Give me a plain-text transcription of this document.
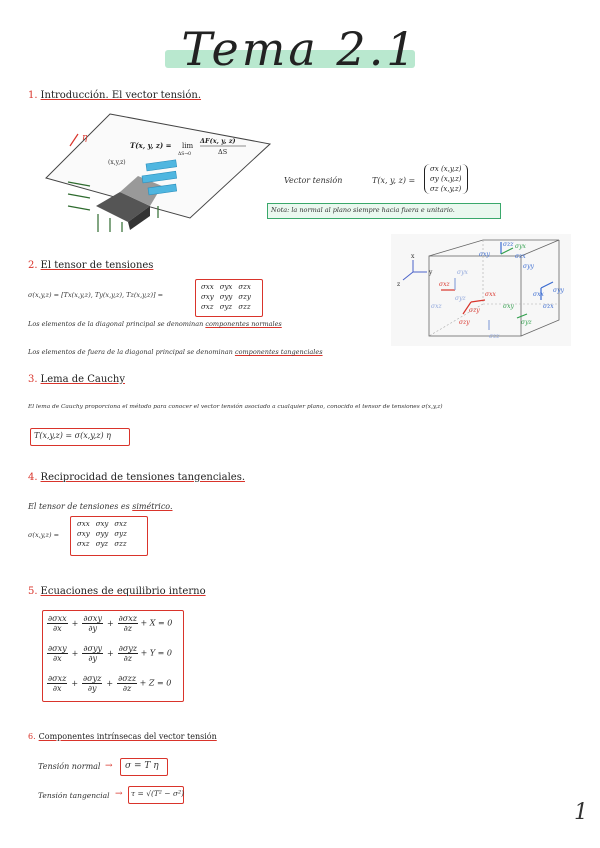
Tema 2.1
1. Introducción. El vector tensión.
η
(x,y,z)
T(x, y, z) = lim
ΔS→0
ΔF(x, y, z)
ΔS
Vector tensión	T(x, y, z) =
σx (x,y,z)
σy (x,y,z)
σz (x,y,z)
Nota: la normal al plano siempre hacia fuera e unitario.
x
y
z
σzz
σxy	σzx
σyx
σyy
σxz
σyz
σxx
σzy
σxx
σyy
σzz
σzx
σyz
σxz
σzy
σxy
σyx
2. El tensor de tensiones
σ(x,y,z) = [Tx(x,y,z), Ty(x,y,z), Tz(x,y,z)] =
σxx	σyx	σzx
σxy	σyy	σzy
σxz	σyz	σzz
Los elementos de la diagonal principal se denominan componentes normales
Los elementos de fuera de la diagonal principal se denominan componentes tangenciales
3. Lema de Cauchy
El lema de Cauchy proporciona el método para conocer el vector tensión asociado a cualquier plano, conocido el tensor de tensiones σ(x,y,z)
T(x,y,z) = σ(x,y,z) η
4. Reciprocidad de tensiones tangenciales.
El tensor de tensiones es simétrico.
σ(x,y,z) =
σxx	σxy	σxz
σxy	σyy	σyz
σxz	σyz	σzz
5. Ecuaciones de equilibrio interno
$\frac{\text{∂σxx}}{\partial x} + \frac{\text{∂σxy}}{\partial y} + \frac{\text{∂σxz}}{\partial z} + X = 0$
$\frac{\text{∂σxy}}{\partial x} + \frac{\text{∂σyy}}{\partial y} + \frac{\text{∂σyz}}{\partial z} + Y = 0$
$\frac{\text{∂σxz}}{\partial x} + \frac{\text{∂σyz}}{\partial y} + \frac{\text{∂σzz}}{\partial z} + Z = 0$
6. Componentes intrínsecas del vector tensión
Tensión normal → σ = T η
Tensión tangencial → τ = √(T² − σ²)
1
